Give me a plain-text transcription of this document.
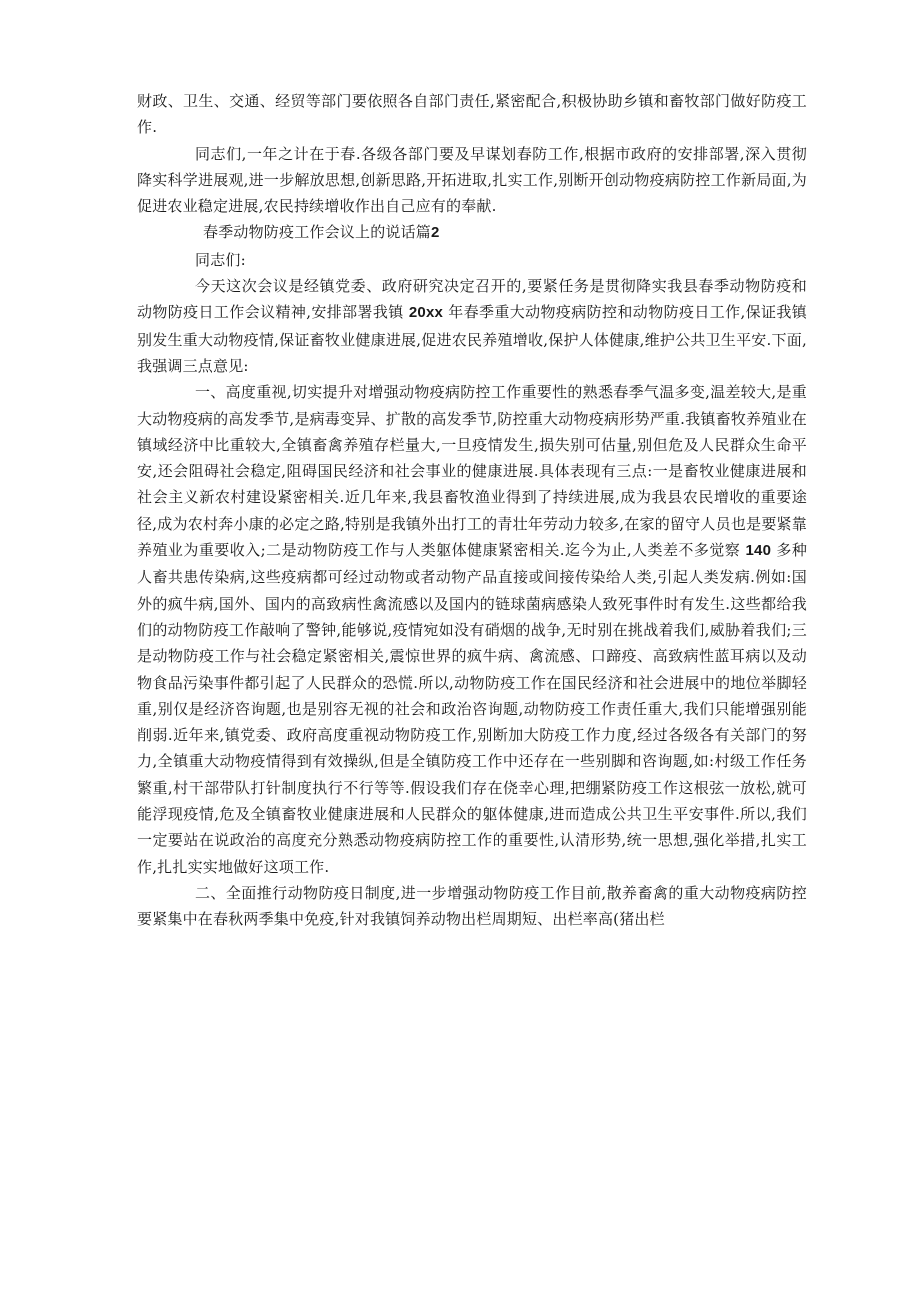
财政、卫生、交通、经贸等部门要依照各自部门责任,紧密配合,积极协助乡镇和畜牧部门做好防疫工作.

同志们,一年之计在于春.各级各部门要及早谋划春防工作,根据市政府的安排部署,深入贯彻降实科学进展观,进一步解放思想,创新思路,开拓进取,扎实工作,别断开创动物疫病防控工作新局面,为促进农业稳定进展,农民持续增收作出自己应有的奉献.

春季动物防疫工作会议上的说话篇2

同志们:

今天这次会议是经镇党委、政府研究决定召开的,要紧任务是贯彻降实我县春季动物防疫和动物防疫日工作会议精神,安排部署我镇 20xx 年春季重大动物疫病防控和动物防疫日工作,保证我镇别发生重大动物疫情,保证畜牧业健康进展,促进农民养殖增收,保护人体健康,维护公共卫生平安.下面,我强调三点意见:

一、高度重视,切实提升对增强动物疫病防控工作重要性的熟悉春季气温多变,温差较大,是重大动物疫病的高发季节,是病毒变异、扩散的高发季节,防控重大动物疫病形势严重.我镇畜牧养殖业在镇域经济中比重较大,全镇畜禽养殖存栏量大,一旦疫情发生,损失别可估量,别但危及人民群众生命平安,还会阻碍社会稳定,阻碍国民经济和社会事业的健康进展.具体表现有三点:一是畜牧业健康进展和社会主义新农村建设紧密相关.近几年来,我县畜牧渔业得到了持续进展,成为我县农民增收的重要途径,成为农村奔小康的必定之路,特别是我镇外出打工的青壮年劳动力较多,在家的留守人员也是要紧靠养殖业为重要收入;二是动物防疫工作与人类躯体健康紧密相关.迄今为止,人类差不多觉察 140 多种人畜共患传染病,这些疫病都可经过动物或者动物产品直接或间接传染给人类,引起人类发病.例如:国外的疯牛病,国外、国内的高致病性禽流感以及国内的链球菌病感染人致死事件时有发生.这些都给我们的动物防疫工作敲响了警钟,能够说,疫情宛如没有硝烟的战争,无时别在挑战着我们,威胁着我们;三是动物防疫工作与社会稳定紧密相关,震惊世界的疯牛病、禽流感、口蹄疫、高致病性蓝耳病以及动物食品污染事件都引起了人民群众的恐慌.所以,动物防疫工作在国民经济和社会进展中的地位举脚轻重,别仅是经济咨询题,也是别容无视的社会和政治咨询题,动物防疫工作责任重大,我们只能增强别能削弱.近年来,镇党委、政府高度重视动物防疫工作,别断加大防疫工作力度,经过各级各有关部门的努力,全镇重大动物疫情得到有效操纵,但是全镇防疫工作中还存在一些别脚和咨询题,如:村级工作任务繁重,村干部带队打针制度执行不行等等.假设我们存在侥幸心理,把绷紧防疫工作这根弦一放松,就可能浮现疫情,危及全镇畜牧业健康进展和人民群众的躯体健康,进而造成公共卫生平安事件.所以,我们一定要站在说政治的高度充分熟悉动物疫病防控工作的重要性,认清形势,统一思想,强化举措,扎实工作,扎扎实实地做好这项工作.

二、全面推行动物防疫日制度,进一步增强动物防疫工作目前,散养畜禽的重大动物疫病防控要紧集中在春秋两季集中免疫,针对我镇饲养动物出栏周期短、出栏率高(猪出栏
